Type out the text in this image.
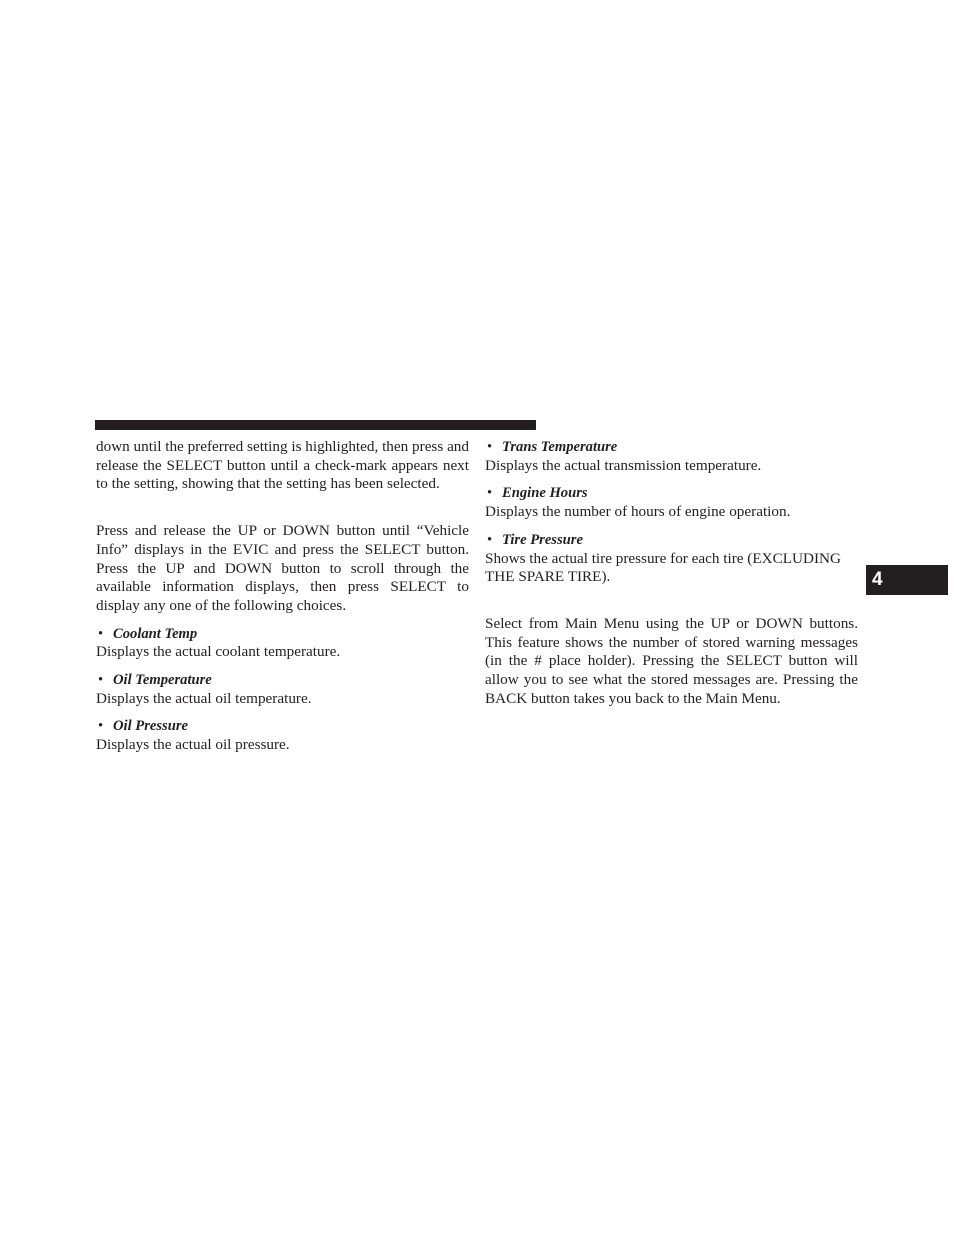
down until the preferred setting is highlighted, then press and release the SELECT button until a check-mark appears next to the setting, showing that the setting has been selected.

Press and release the UP or DOWN button until “Vehicle Info” displays in the EVIC and press the SELECT button. Press the UP and DOWN button to scroll through the available information displays, then press SELECT to display any one of the following choices.

• Coolant Temp

Displays the actual coolant temperature.

• Oil Temperature

Displays the actual oil temperature.

• Oil Pressure

Displays the actual oil pressure.

• Trans Temperature

Displays the actual transmission temperature.

• Engine Hours

Displays the number of hours of engine operation.

• Tire Pressure

Shows the actual tire pressure for each tire (EXCLUDING THE SPARE TIRE).

Select from Main Menu using the UP or DOWN buttons. This feature shows the number of stored warning messages (in the # place holder). Pressing the SELECT button will allow you to see what the stored messages are. Pressing the BACK button takes you back to the Main Menu.

4
